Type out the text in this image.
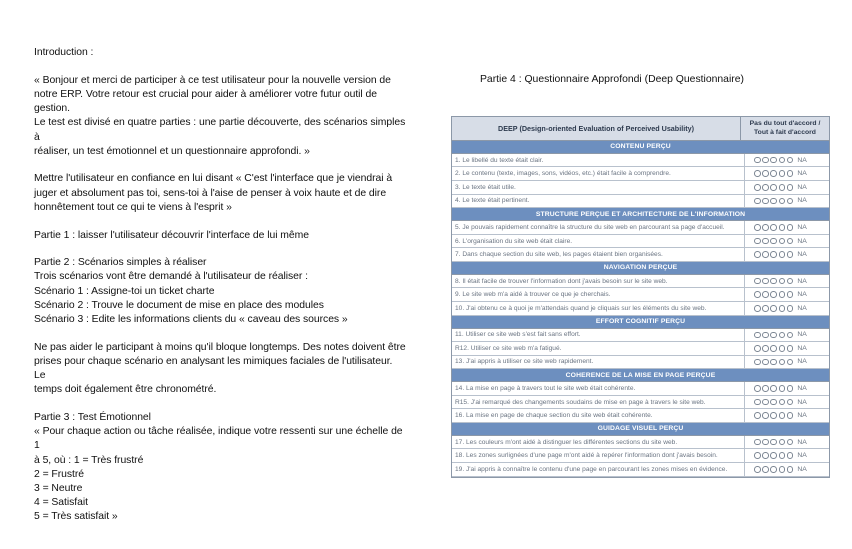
Introduction :

« Bonjour et merci de participer à ce test utilisateur pour la nouvelle version de
notre ERP. Votre retour est crucial pour aider à améliorer votre futur outil de gestion.
Le test est divisé en quatre parties : une partie découverte, des scénarios simples à
réaliser, un test émotionnel et un questionnaire approfondi. »

Mettre l'utilisateur en confiance en lui disant « C'est l'interface que je viendrai à
juger et absolument pas toi, sens-toi à l'aise de penser à voix haute et de dire
honnêtement tout ce qui te viens à l'esprit »

Partie 1 : laisser l'utilisateur découvrir l'interface de lui même

Partie 2 : Scénarios simples à réaliser
Trois scénarios vont être demandé à l'utilisateur de réaliser :
Scénario 1 : Assigne-toi un ticket charte
Scénario 2 : Trouve le document de mise en place des modules
Scénario 3 : Edite les informations clients du « caveau des sources »

Ne pas aider le participant à moins qu'il bloque longtemps. Des notes doivent être
prises pour chaque scénario en analysant les mimiques faciales de l'utilisateur. Le
temps doit également être chronométré.

Partie 3 : Test Émotionnel
« Pour chaque action ou tâche réalisée, indique votre ressenti sur une échelle de 1
à 5, où : 1 = Très frustré
2 = Frustré
3 = Neutre
4 = Satisfait
5 = Très satisfait »

Partie 4 : Questionnaire Approfondi (Deep Questionnaire)
DEEP (Design-oriented Evaluation of Perceived Usability)
Pas du tout d'accord /
Tout à fait d'accord
CONTENU PERÇU
1. Le libellé du texte était clair.	NA
2. Le contenu (texte, images, sons, vidéos, etc.) était facile à comprendre.	NA
3. Le texte était utile.	NA
4. Le texte était pertinent.	NA
STRUCTURE PERÇUE ET ARCHITECTURE DE L'INFORMATION
5. Je pouvais rapidement connaître la structure du site web en parcourant sa page d'accueil.	NA
6. L'organisation du site web était claire.	NA
7. Dans chaque section du site web, les pages étaient bien organisées.	NA
NAVIGATION PERÇUE
8. Il était facile de trouver l'information dont j'avais besoin sur le site web.	NA
9. Le site web m'a aidé à trouver ce que je cherchais.	NA
10. J'ai obtenu ce à quoi je m'attendais quand je cliquais sur les éléments du site web.	NA
EFFORT COGNITIF PERÇU
11. Utiliser ce site web s'est fait sans effort.	NA
R12. Utiliser ce site web m'a fatigué.	NA
13. J'ai appris à utiliser ce site web rapidement.	NA
COHERENCE DE LA MISE EN PAGE PERÇUE
14. La mise en page à travers tout le site web était cohérente.	NA
R15. J'ai remarqué des changements soudains de mise en page à travers le site web.	NA
16. La mise en page de chaque section du site web était cohérente.	NA
GUIDAGE VISUEL PERÇU
17. Les couleurs m'ont aidé à distinguer les différentes sections du site web.	NA
18. Les zones surlignées d'une page m'ont aidé à repérer l'information dont j'avais besoin.	NA
19. J'ai appris à connaître le contenu d'une page en parcourant les zones mises en évidence.	NA
